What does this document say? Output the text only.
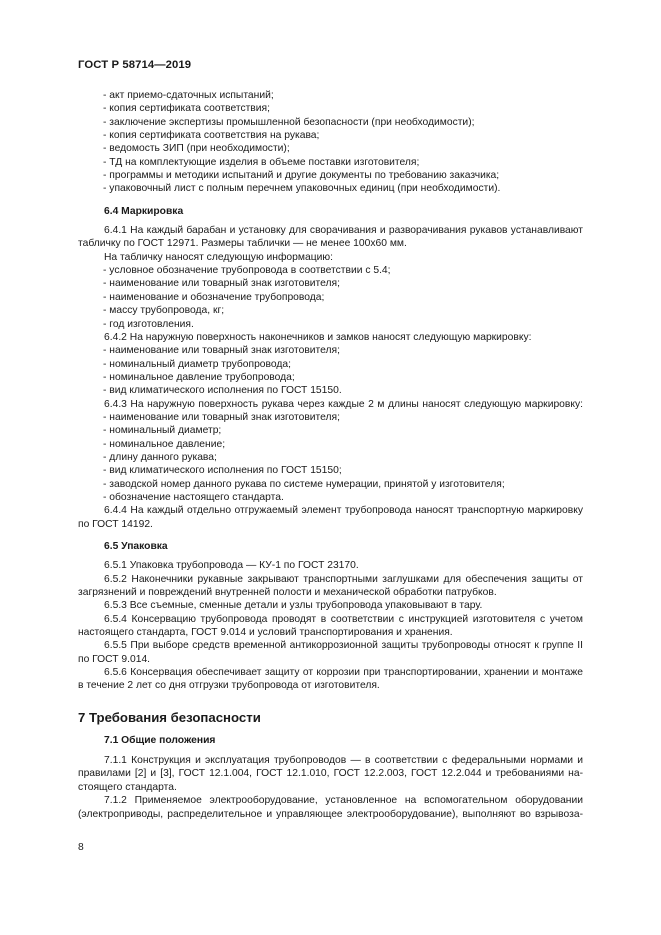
ГОСТ Р 58714—2019
- акт приемо-сдаточных испытаний;
- копия сертификата соответствия;
- заключение экспертизы промышленной безопасности (при необходимости);
- копия сертификата соответствия на рукава;
- ведомость ЗИП (при необходимости);
- ТД на комплектующие изделия в объеме поставки изготовителя;
- программы и методики испытаний и другие документы по требованию заказчика;
- упаковочный лист с полным перечнем упаковочных единиц (при необходимости).
6.4 Маркировка
6.4.1 На каждый барабан и установку для сворачивания и разворачивания рукавов устанавливают
табличку по ГОСТ 12971. Размеры таблички — не менее 100x60 мм.
На табличку наносят следующую информацию:
- условное обозначение трубопровода в соответствии с 5.4;
- наименование или товарный знак изготовителя;
- наименование и обозначение трубопровода;
- массу трубопровода, кг;
- год изготовления.
6.4.2 На наружную поверхность наконечников и замков наносят следующую маркировку:
- наименование или товарный знак изготовителя;
- номинальный диаметр трубопровода;
- номинальное давление трубопровода;
- вид климатического исполнения по ГОСТ 15150.
6.4.3 На наружную поверхность рукава через каждые 2 м длины наносят следующую маркировку:
- наименование или товарный знак изготовителя;
- номинальный диаметр;
- номинальное давление;
- длину данного рукава;
- вид климатического исполнения по ГОСТ 15150;
- заводской номер данного рукава по системе нумерации, принятой у изготовителя;
- обозначение настоящего стандарта.
6.4.4 На каждый отдельно отгружаемый элемент трубопровода наносят транспортную маркировку
по ГОСТ 14192.
6.5 Упаковка
6.5.1 Упаковка трубопровода — КУ-1 по ГОСТ 23170.
6.5.2 Наконечники рукавные закрывают транспортными заглушками для обеспечения защиты от
загрязнений и повреждений внутренней полости и механической обработки патрубков.
6.5.3 Все съемные, сменные детали и узлы трубопровода упаковывают в тару.
6.5.4 Консервацию трубопровода проводят в соответствии с инструкцией изготовителя с учетом
настоящего стандарта, ГОСТ 9.014 и условий транспортирования и хранения.
6.5.5 При выборе средств временной антикоррозионной защиты трубопроводы относят к группе II
по ГОСТ 9.014.
6.5.6 Консервация обеспечивает защиту от коррозии при транспортировании, хранении и монтаже
в течение 2 лет со дня отгрузки трубопровода от изготовителя.
7 Требования безопасности
7.1 Общие положения
7.1.1 Конструкция и эксплуатация трубопроводов — в соответствии с федеральными нормами и
правилами [2] и [3], ГОСТ 12.1.004, ГОСТ 12.1.010, ГОСТ 12.2.003, ГОСТ 12.2.044 и требованиями на-
стоящего стандарта.
7.1.2 Применяемое электрооборудование, установленное на вспомогательном оборудовании
(электроприводы, распределительное и управляющее электрооборудование), выполняют во взрывоза-
8
